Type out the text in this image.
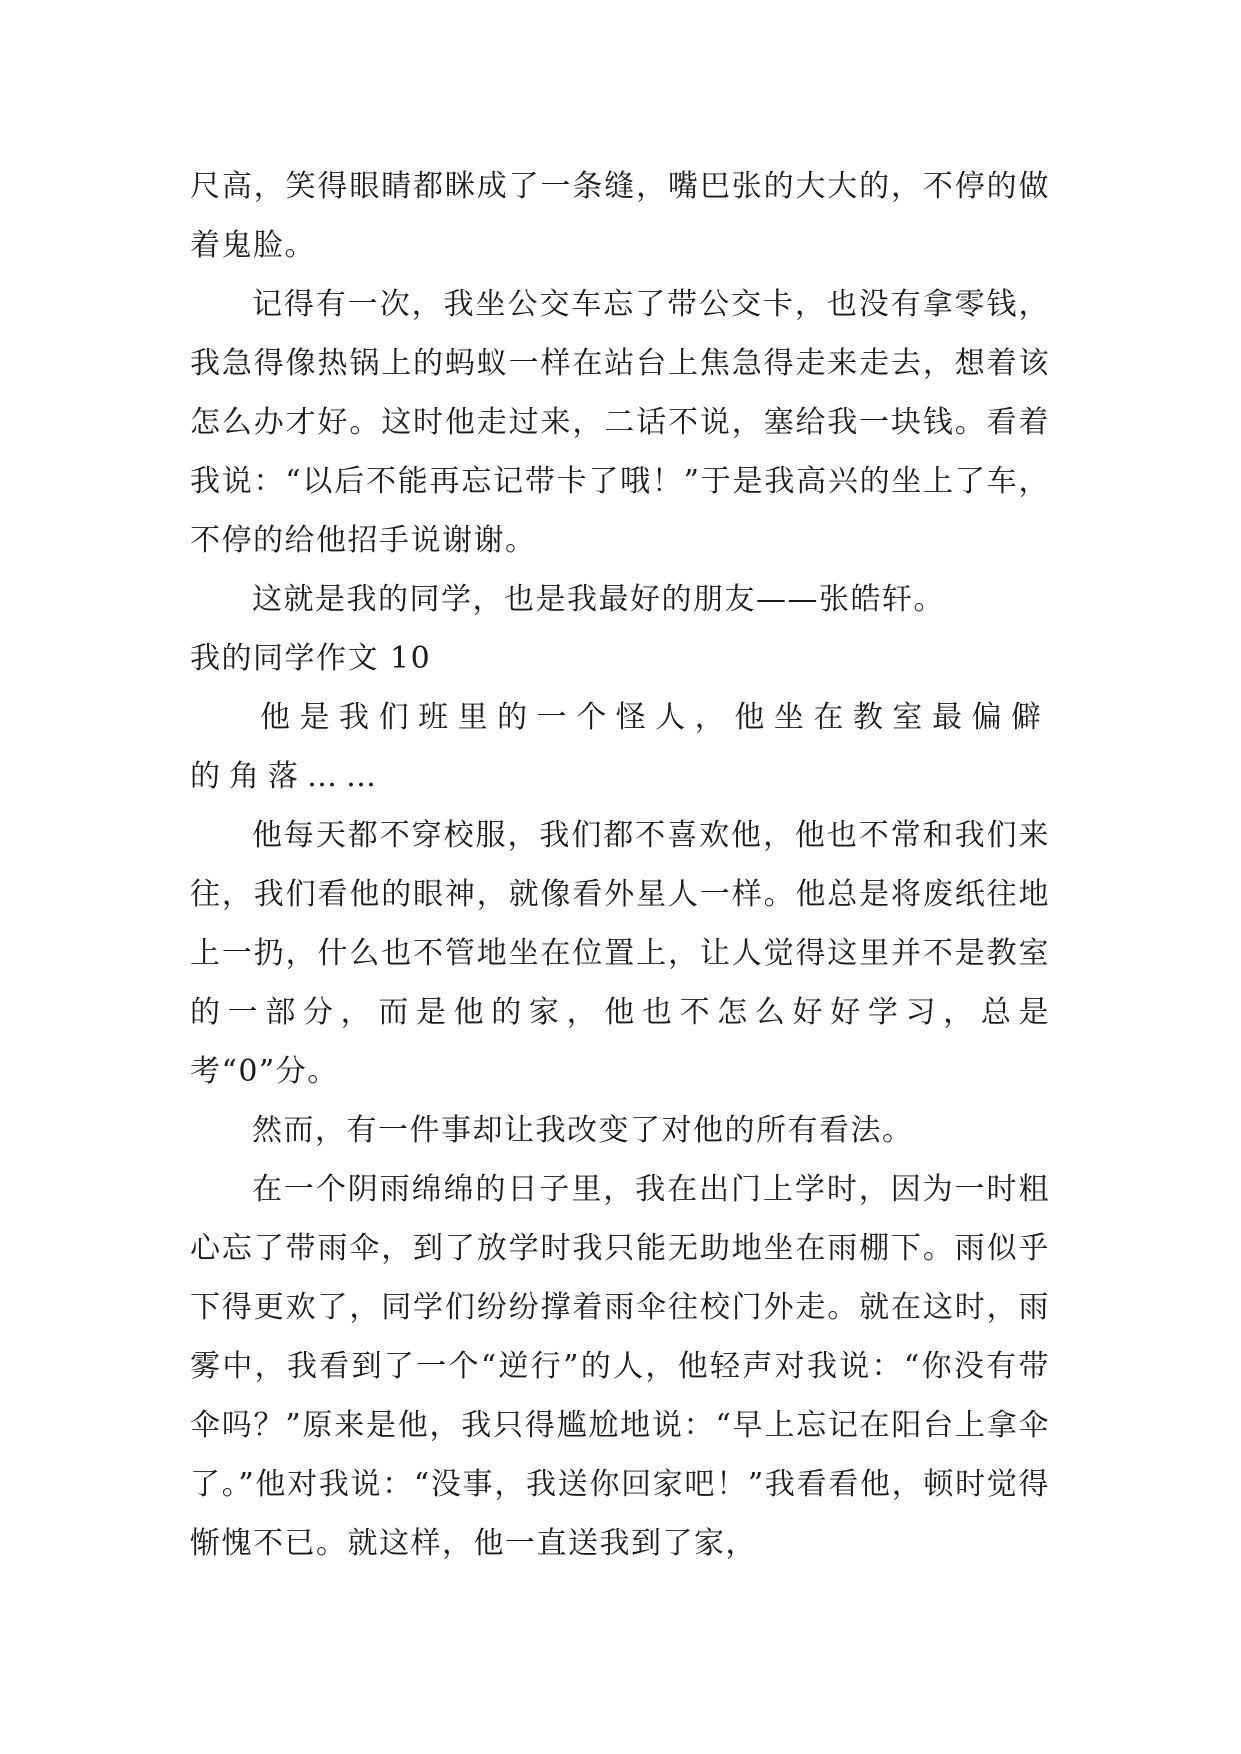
尺高，笑得眼睛都眯成了一条缝，嘴巴张的大大的，不停的做着鬼脸。

记得有一次，我坐公交车忘了带公交卡，也没有拿零钱，我急得像热锅上的蚂蚁一样在站台上焦急得走来走去，想着该怎么办才好。这时他走过来，二话不说，塞给我一块钱。看着我说：“以后不能再忘记带卡了哦！”于是我高兴的坐上了车，不停的给他招手说谢谢。

这就是我的同学，也是我最好的朋友——张皓轩。

我的同学作文 10

他是我们班里的一个怪人，他坐在教室最偏僻的角落……

他每天都不穿校服，我们都不喜欢他，他也不常和我们来往，我们看他的眼神，就像看外星人一样。他总是将废纸往地上一扔，什么也不管地坐在位置上，让人觉得这里并不是教室的一部分，而是他的家，他也不怎么好好学习，总是考“0”分。

然而，有一件事却让我改变了对他的所有看法。

在一个阴雨绵绵的日子里，我在出门上学时，因为一时粗心忘了带雨伞，到了放学时我只能无助地坐在雨棚下。雨似乎下得更欢了，同学们纷纷撑着雨伞往校门外走。就在这时，雨雾中，我看到了一个“逆行”的人，他轻声对我说：“你没有带伞吗？”原来是他，我只得尴尬地说：“早上忘记在阳台上拿伞了。”他对我说：“没事，我送你回家吧！”我看看他，顿时觉得惭愧不已。就这样，他一直送我到了家，
